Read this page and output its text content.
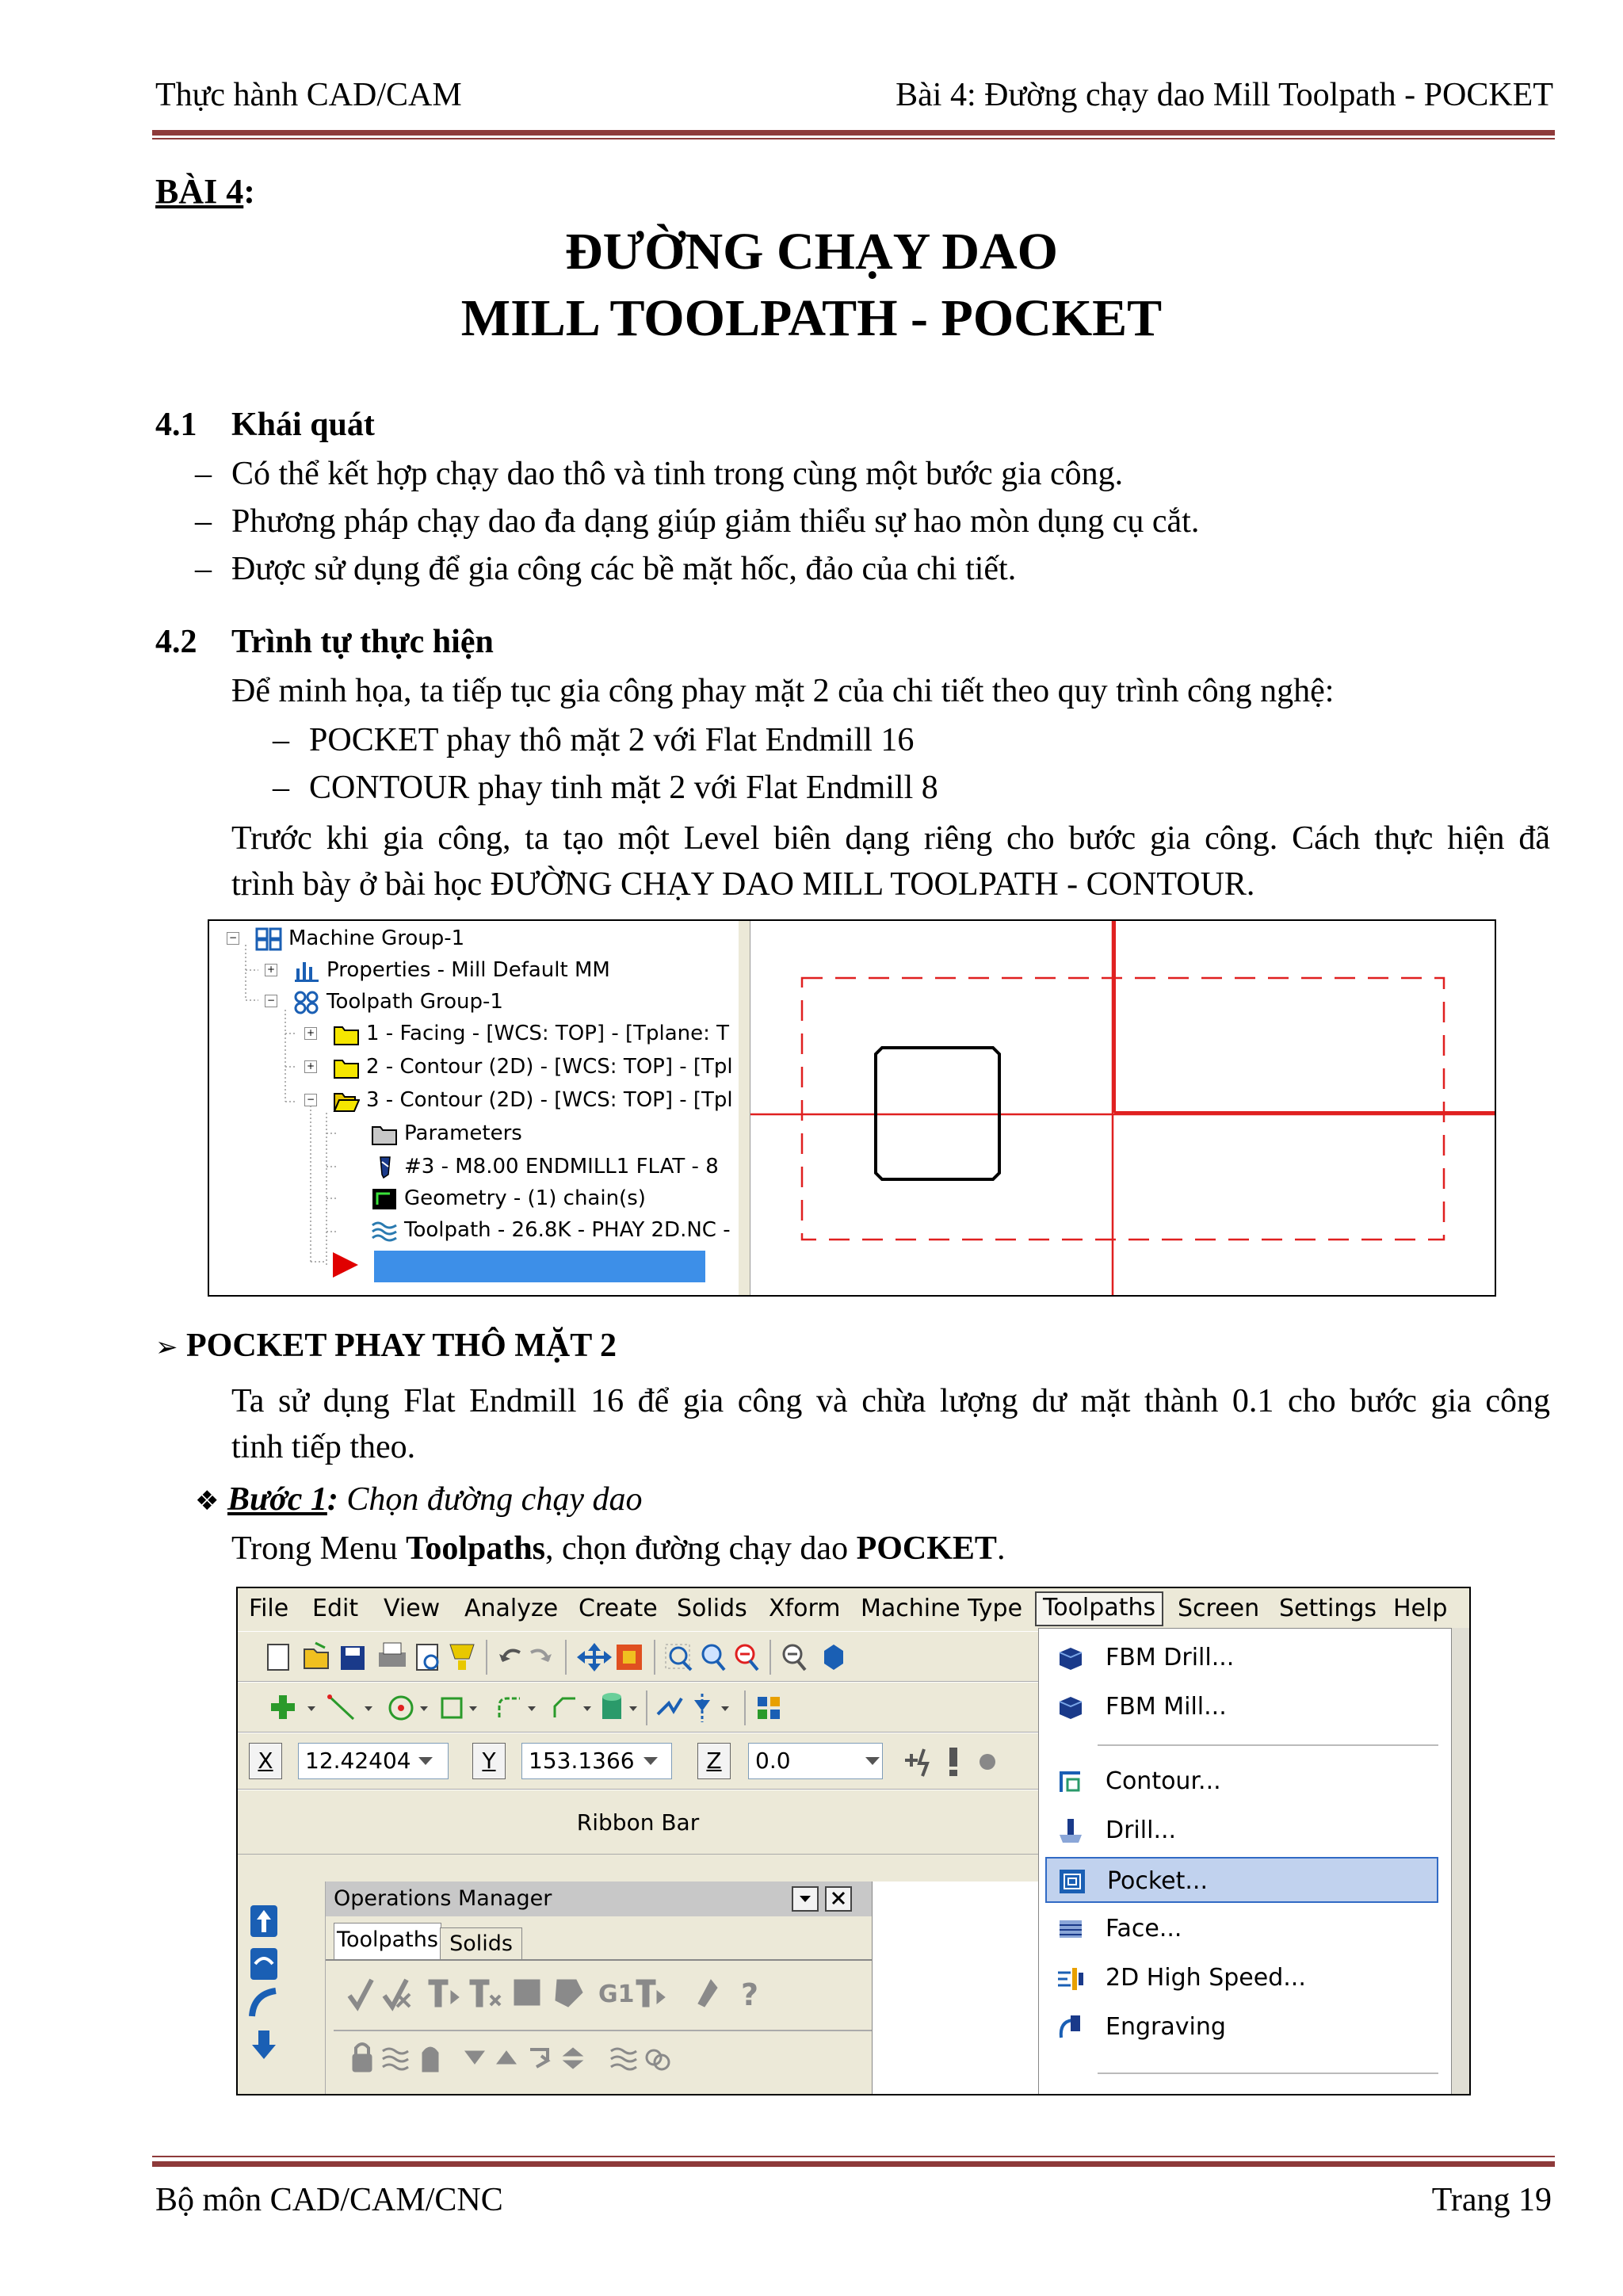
Thực hành CAD/CAM	Bài 4: Đường chạy dao Mill Toolpath - POCKET
BÀI 4:
ĐƯỜNG CHẠY DAO
MILL TOOLPATH - POCKET
4.1 Khái quát
– Có thể kết hợp chạy dao thô và tinh trong cùng một bước gia công.
– Phương pháp chạy dao đa dạng giúp giảm thiểu sự hao mòn dụng cụ cắt.
– Được sử dụng để gia công các bề mặt hốc, đảo của chi tiết.
4.2 Trình tự thực hiện
Để minh họa, ta tiếp tục gia công phay mặt 2 của chi tiết theo quy trình công nghệ:
– POCKET phay thô mặt 2 với Flat Endmill 16
– CONTOUR phay tinh mặt 2 với Flat Endmill 8
Trước khi gia công, ta tạo một Level biên dạng riêng cho bước gia công. Cách thực hiện đã
trình bày ở bài học ĐƯỜNG CHẠY DAO MILL TOOLPATH - CONTOUR.
−
+
−
+
+
−
Machine Group-1
Properties - Mill Default MM
Toolpath Group-1
1 - Facing - [WCS: TOP] - [Tplane: T
2 - Contour (2D) - [WCS: TOP] - [Tpl
3 - Contour (2D) - [WCS: TOP] - [Tpl
Parameters
#3 - M8.00 ENDMILL1 FLAT - 8
Geometry - (1) chain(s)
Toolpath - 26.8K - PHAY 2D.NC -
➢ POCKET PHAY THÔ MẶT 2
Ta sử dụng Flat Endmill 16 để gia công và chừa lượng dư mặt thành 0.1 cho bước gia công
tinh tiếp theo.
❖ Bước 1: Chọn đường chạy dao
Trong Menu Toolpaths, chọn đường chạy dao POCKET.
File Edit View Analyze Create Solids Xform Machine Type Toolpaths Screen Settings Help
X	12.42404	Y	153.1366	Z	0.0
Ribbon Bar
Operations Manager
Toolpaths Solids
G1	?
FBM Drill...
FBM Mill...
Contour...
Drill...
Pocket...
Face...
2D High Speed...
Engraving
Bộ môn CAD/CAM/CNC	Trang 19
